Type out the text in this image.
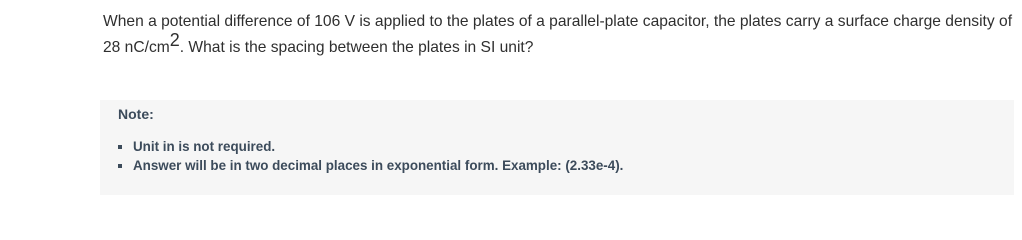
When a potential difference of 106 V is applied to the plates of a parallel-plate capacitor, the plates carry a surface charge density of 28 $nC/cm^2$. What is the spacing between the plates in SI unit?

Note:
Unit in is not required.
Answer will be in two decimal places in exponential form. Example: (2.33e-4).
